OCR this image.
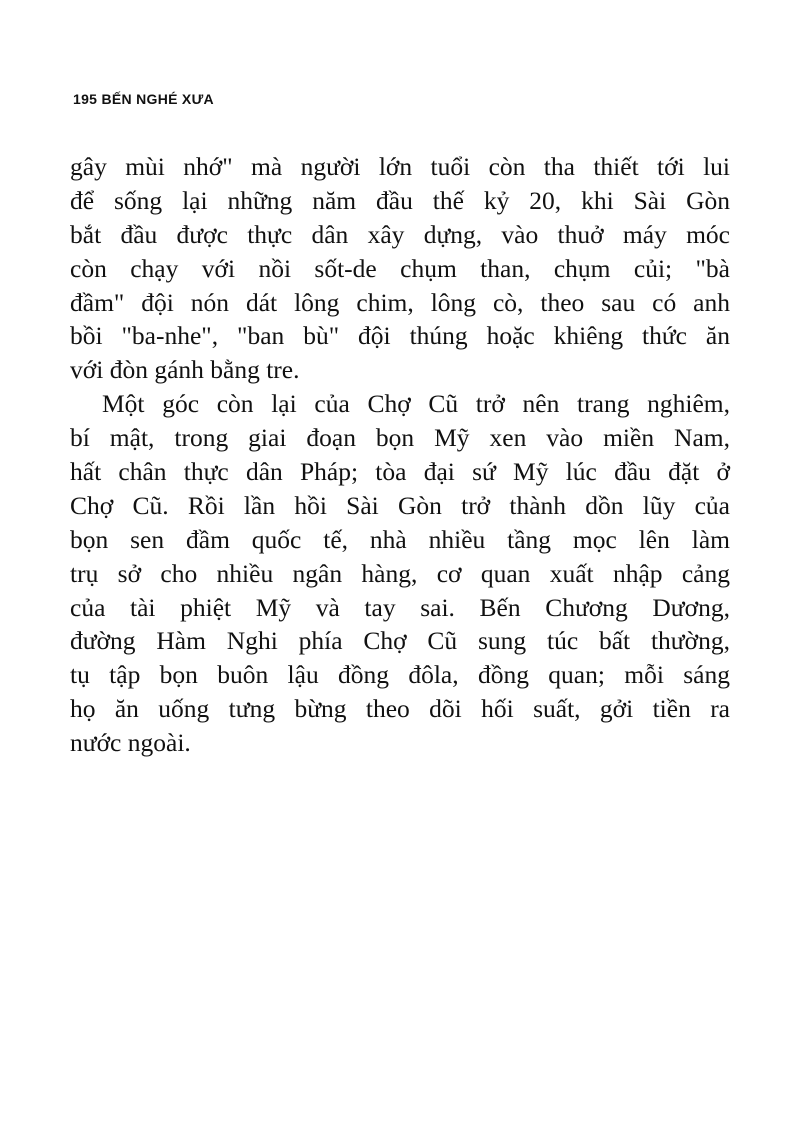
195 BẾN NGHÉ XƯA
gây mùi nhớ" mà người lớn tuổi còn tha thiết tới lui
để sống lại những năm đầu thế kỷ 20, khi Sài Gòn
bắt đầu được thực dân xây dựng, vào thuở máy móc
còn chạy với nồi sốt-de chụm than, chụm củi; "bà
đầm" đội nón dát lông chim, lông cò, theo sau có anh
bồi "ba-nhe", "ban bù" đội thúng hoặc khiêng thức ăn
với đòn gánh bằng tre.
Một góc còn lại của Chợ Cũ trở nên trang nghiêm,
bí mật, trong giai đoạn bọn Mỹ xen vào miền Nam,
hất chân thực dân Pháp; tòa đại sứ Mỹ lúc đầu đặt ở
Chợ Cũ. Rồi lần hồi Sài Gòn trở thành dồn lũy của
bọn sen đầm quốc tế, nhà nhiều tầng mọc lên làm
trụ sở cho nhiều ngân hàng, cơ quan xuất nhập cảng
của tài phiệt Mỹ và tay sai. Bến Chương Dương,
đường Hàm Nghi phía Chợ Cũ sung túc bất thường,
tụ tập bọn buôn lậu đồng đôla, đồng quan; mỗi sáng
họ ăn uống tưng bừng theo dõi hối suất, gởi tiền ra
nước ngoài.
